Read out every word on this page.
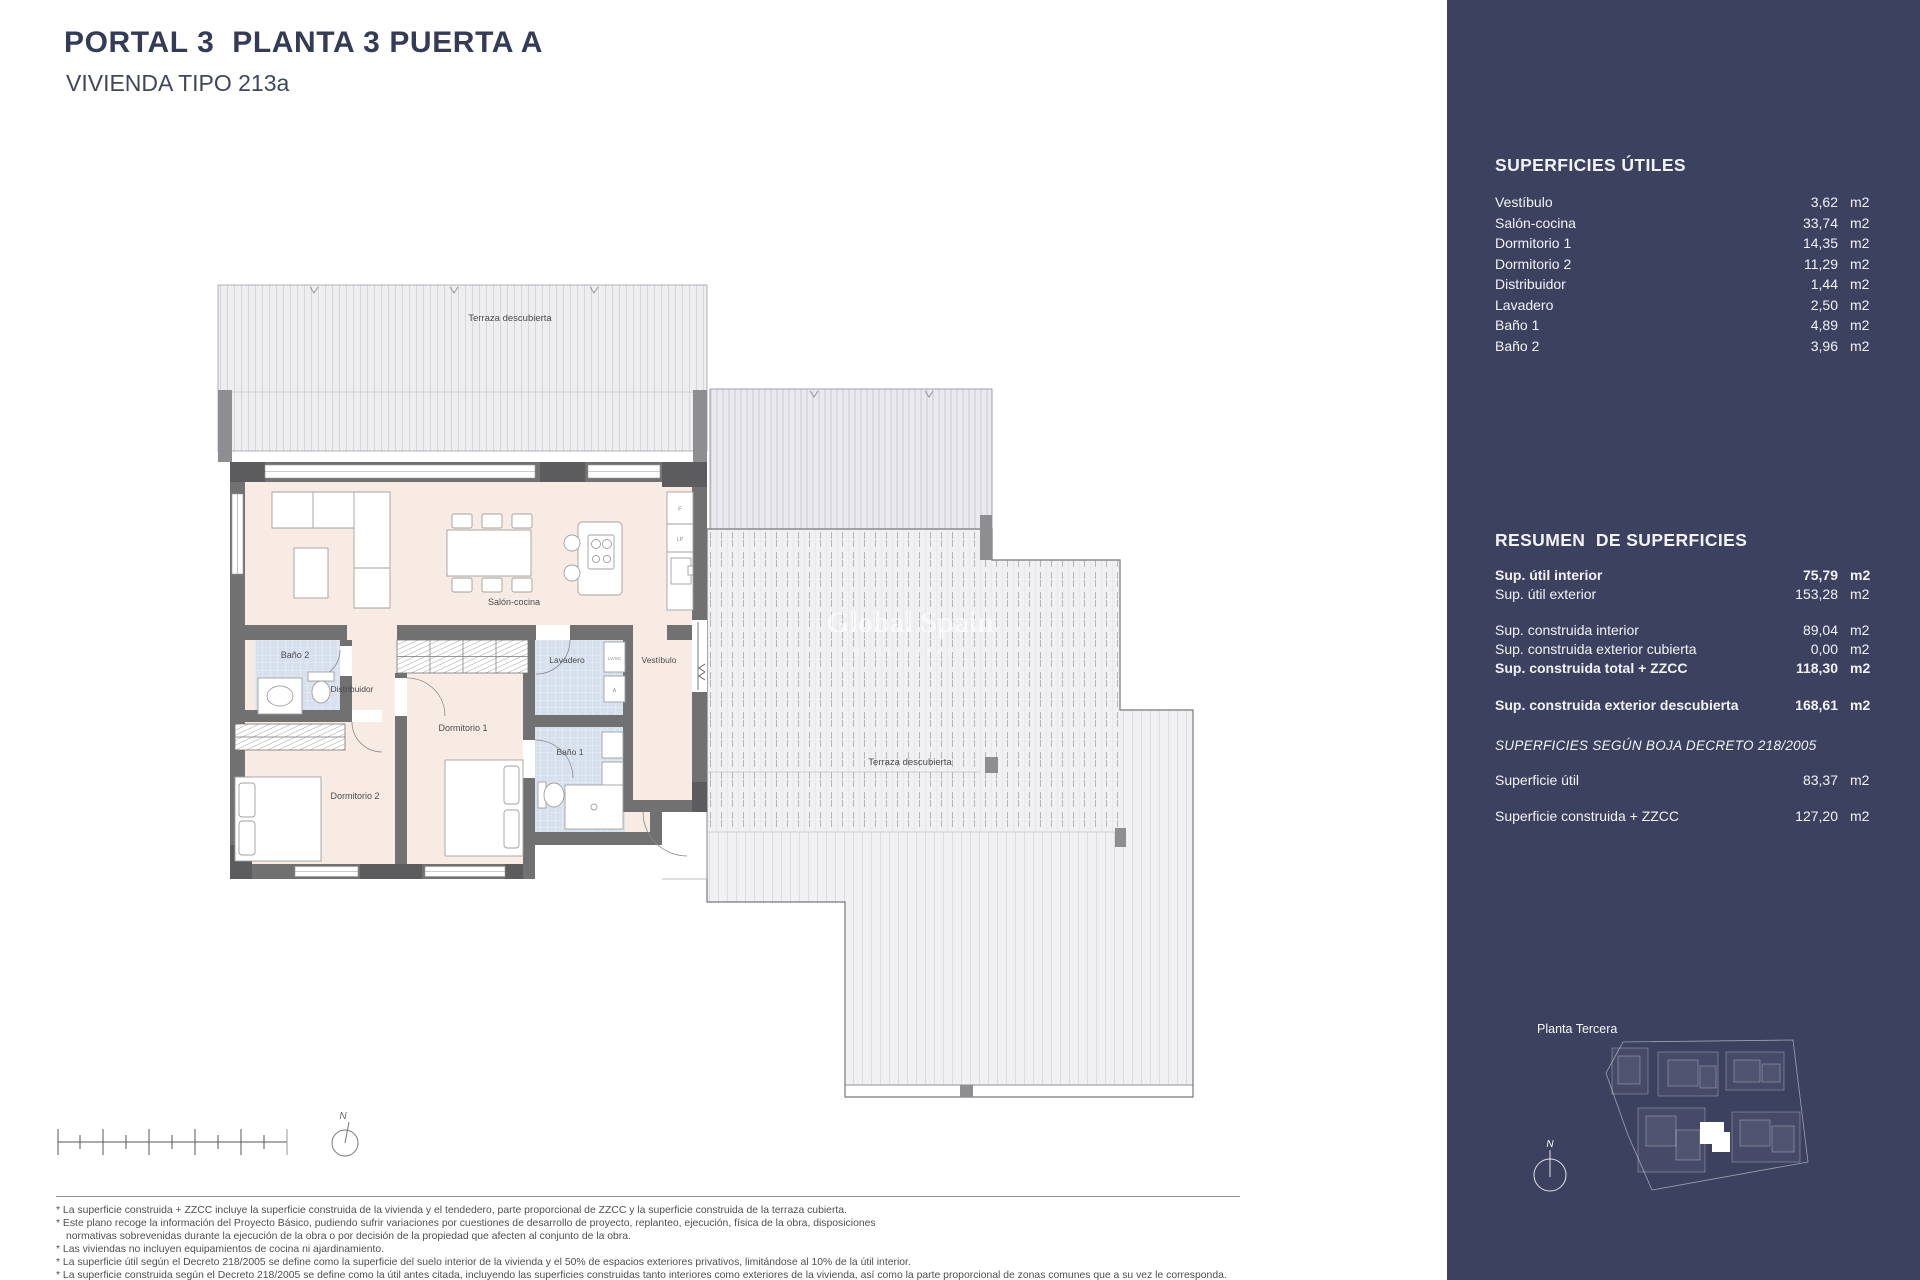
PORTAL 3  PLANTA 3 PUERTA A
VIVIENDA TIPO 213a
Terraza descubierta
Terraza descubierta
Global Spain
REAL ESTATE
F
LP
LV/SC
A
Salón-cocina
Baño 2
Distribuidor
Dormitorio 1
Dormitorio 2
Lavadero	Vestíbulo
Baño 1
N
* La superficie construida + ZZCC incluye la superficie construida de la vivienda y el tendedero, parte proporcional de ZZCC y la superficie construida de la terraza cubierta.
* Este plano recoge la información del Proyecto Básico, pudiendo sufrir variaciones por cuestiones de desarrollo de proyecto, replanteo, ejecución, física de la obra, disposiciones
normativas sobrevenidas durante la ejecución de la obra o por decisión de la propiedad que afecten al conjunto de la obra.
* Las viviendas no incluyen equipamientos de cocina ni ajardinamiento.
* La superficie útil según el Decreto 218/2005 se define como la superficie del suelo interior de la vivienda y el 50% de espacios exteriores privativos, limitándose al 10% de la útil interior.
* La superficie construida según el Decreto 218/2005 se define como la útil antes citada, incluyendo las superficies construidas tanto interiores como exteriores de la vivienda, así como la parte proporcional de zonas comunes que a su vez le corresponda.
SUPERFICIES ÚTILES
Vestíbulo	3,62 m2
Salón-cocina	33,74 m2
Dormitorio 1	14,35 m2
Dormitorio 2	11,29 m2
Distribuidor	1,44 m2
Lavadero	2,50 m2
Baño 1	4,89 m2
Baño 2	3,96 m2
RESUMEN  DE SUPERFICIES
Sup. útil interior	75,79 m2
Sup. útil exterior	153,28 m2
Sup. construida interior	89,04 m2
Sup. construida exterior cubierta	0,00 m2
Sup. construida total + ZZCC	118,30 m2
Sup. construida exterior descubierta	168,61 m2
SUPERFICIES SEGÚN BOJA DECRETO 218/2005
Superficie útil	83,37 m2
Superficie construida + ZZCC	127,20 m2
Planta Tercera
N
